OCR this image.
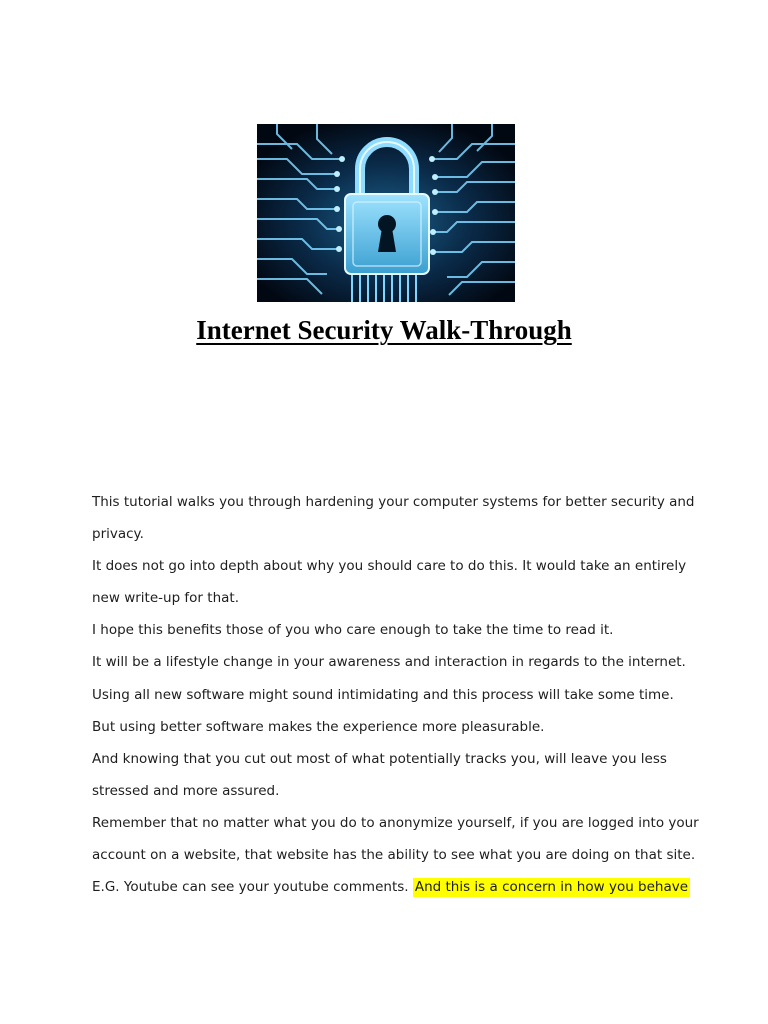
Internet Security Walk-Through

This tutorial walks you through hardening your computer systems for better security and privacy.

It does not go into depth about why you should care to do this. It would take an entirely new write-up for that.

I hope this benefits those of you who care enough to take the time to read it.

It will be a lifestyle change in your awareness and interaction in regards to the internet.

Using all new software might sound intimidating and this process will take some time.

But using better software makes the experience more pleasurable.

And knowing that you cut out most of what potentially tracks you, will leave you less stressed and more assured.

Remember that no matter what you do to anonymize yourself, if you are logged into your account on a website, that website has the ability to see what you are doing on that site.

E.G. Youtube can see your youtube comments. And this is a concern in how you behave
